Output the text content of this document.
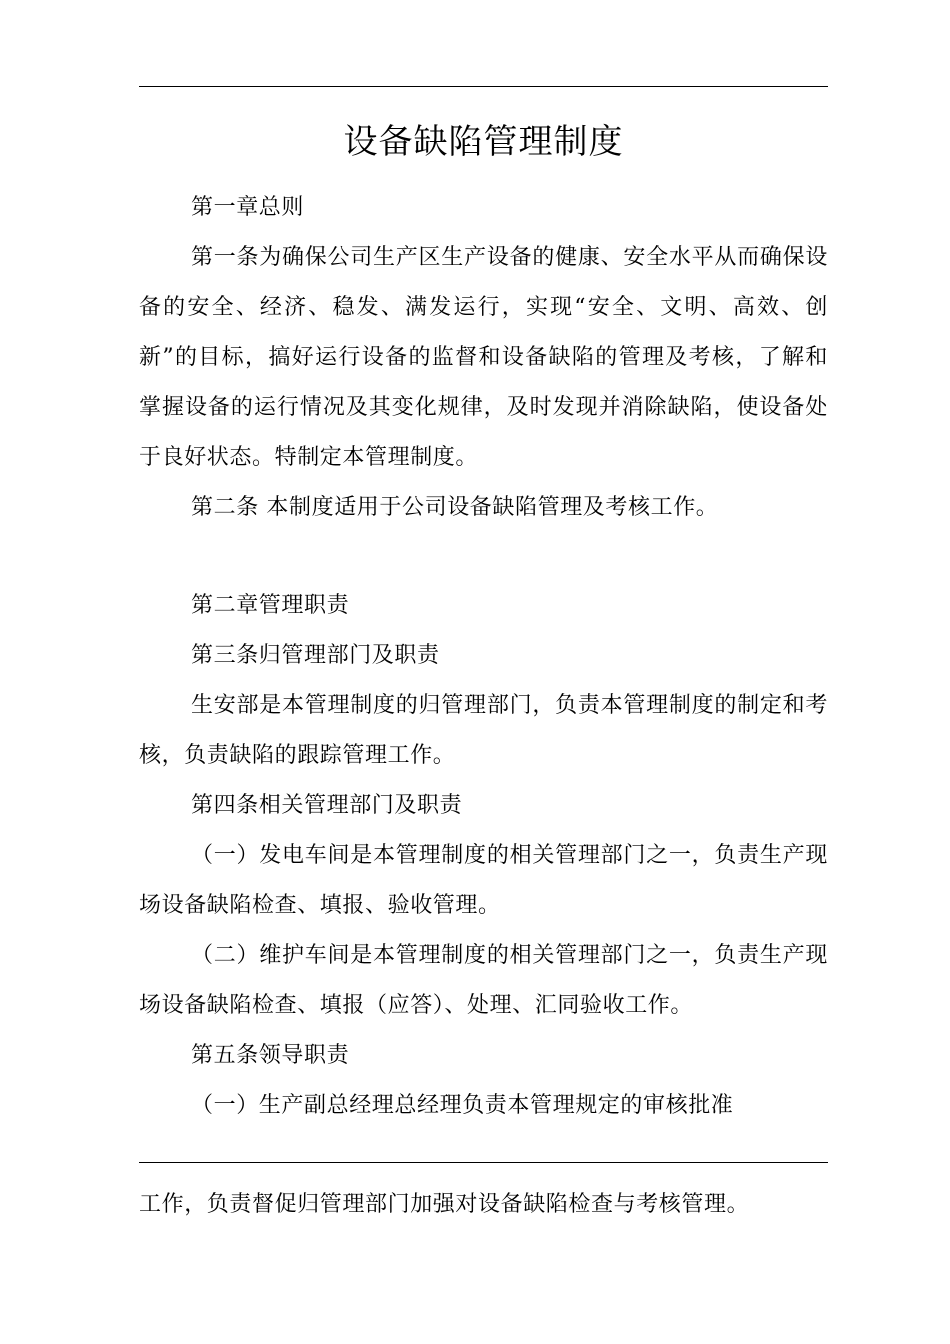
设备缺陷管理制度

第一章总则

第一条为确保公司生产区生产设备的健康、安全水平从而确保设备的安全、经济、稳发、满发运行，实现“安全、文明、高效、创新”的目标，搞好运行设备的监督和设备缺陷的管理及考核，了解和掌握设备的运行情况及其变化规律，及时发现并消除缺陷，使设备处于良好状态。特制定本管理制度。

第二条 本制度适用于公司设备缺陷管理及考核工作。

第二章管理职责

第三条归管理部门及职责

生安部是本管理制度的归管理部门，负责本管理制度的制定和考核，负责缺陷的跟踪管理工作。

第四条相关管理部门及职责

（一）发电车间是本管理制度的相关管理部门之一，负责生产现场设备缺陷检查、填报、验收管理。

（二）维护车间是本管理制度的相关管理部门之一，负责生产现场设备缺陷检查、填报（应答）、处理、汇同验收工作。

第五条领导职责

（一）生产副总经理总经理负责本管理规定的审核批准

工作，负责督促归管理部门加强对设备缺陷检查与考核管理。
